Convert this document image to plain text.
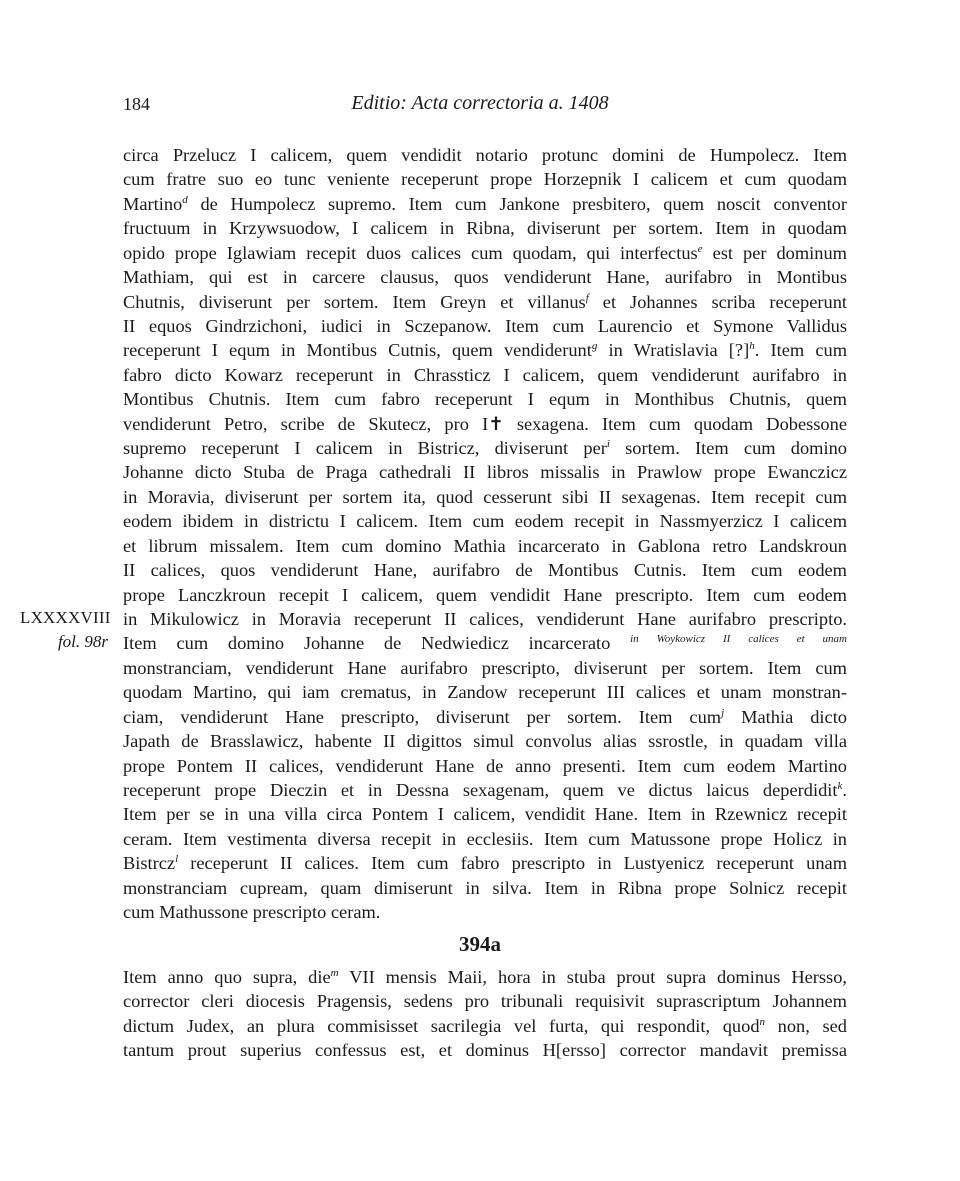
184	Editio: Acta correctoria a. 1408
LXXXXVIII
fol. 98r
circa Przelucz I calicem, quem vendidit notario protunc domini de Humpolecz. Item
cum fratre suo eo tunc veniente receperunt prope Horzepnik I calicem et cum quodam
Martino$^d$ de Humpolecz supremo. Item cum Jankone presbitero, quem noscit conventor
fructuum in Krzywsuodow, I calicem in Ribna, diviserunt per sortem. Item in quodam
opido prope Iglawiam recepit duos calices cum quodam, qui interfectus$^e$ est per dominum
Mathiam, qui est in carcere clausus, quos vendiderunt Hane, aurifabro in Montibus
Chutnis, diviserunt per sortem. Item Greyn et villanus$^f$ et Johannes scriba receperunt
II equos Gindrzichoni, iudici in Sczepanow. Item cum Laurencio et Symone Vallidus
receperunt I equm in Montibus Cutnis, quem vendiderunt$^g$ in Wratislavia [?]$^h$. Item cum
fabro dicto Kowarz receperunt in Chrassticz I calicem, quem vendiderunt aurifabro in
Montibus Chutnis. Item cum fabro receperunt I equm in Monthibus Chutnis, quem
vendiderunt Petro, scribe de Skutecz, pro I✝ sexagena. Item cum quodam Dobessone
supremo receperunt I calicem in Bistricz, diviserunt per$^i$ sortem. Item cum domino
Johanne dicto Stuba de Praga cathedrali II libros missalis in Prawlow prope Ewanczicz
in Moravia, diviserunt per sortem ita, quod cesserunt sibi II sexagenas. Item recepit cum
eodem ibidem in districtu I calicem. Item cum eodem recepit in Nassmyerzicz I calicem
et librum missalem. Item cum domino Mathia incarcerato in Gablona retro Landskroun
II calices, quos vendiderunt Hane, aurifabro de Montibus Cutnis. Item cum eodem
prope Lanczkroun recepit I calicem, quem vendidit Hane prescripto. Item cum eodem
in Mikulowicz in Moravia receperunt II calices, vendiderunt Hane aurifabro prescripto.
Item cum domino Johanne de Nedwiedicz incarcerato $^{in Woykowicz II calices et unam}$
monstranciam, vendiderunt Hane aurifabro prescripto, diviserunt per sortem. Item cum
quodam Martino, qui iam crematus, in Zandow receperunt III calices et unam monstran-
ciam, vendiderunt Hane prescripto, diviserunt per sortem. Item cum$^j$ Mathia dicto
Japath de Brasslawicz, habente II digittos simul convolus alias ssrostle, in quadam villa
prope Pontem II calices, vendiderunt Hane de anno presenti. Item cum eodem Martino
receperunt prope Dieczin et in Dessna sexagenam, quem ve dictus laicus deperdidit$^k$.
Item per se in una villa circa Pontem I calicem, vendidit Hane. Item in Rzewnicz recepit
ceram. Item vestimenta diversa recepit in ecclesiis. Item cum Matussone prope Holicz in
Bistrcz$^l$ receperunt II calices. Item cum fabro prescripto in Lustyenicz receperunt unam
monstranciam cupream, quam dimiserunt in silva. Item in Ribna prope Solnicz recepit
cum Mathussone prescripto ceram.
394a
Item anno quo supra, die$^m$ VII mensis Maii, hora in stuba prout supra dominus Hersso,
corrector cleri diocesis Pragensis, sedens pro tribunali requisivit suprascriptum Johannem
dictum Judex, an plura commisisset sacrilegia vel furta, qui respondit, quod$^n$ non, sed
tantum prout superius confessus est, et dominus H[ersso] corrector mandavit premissa
